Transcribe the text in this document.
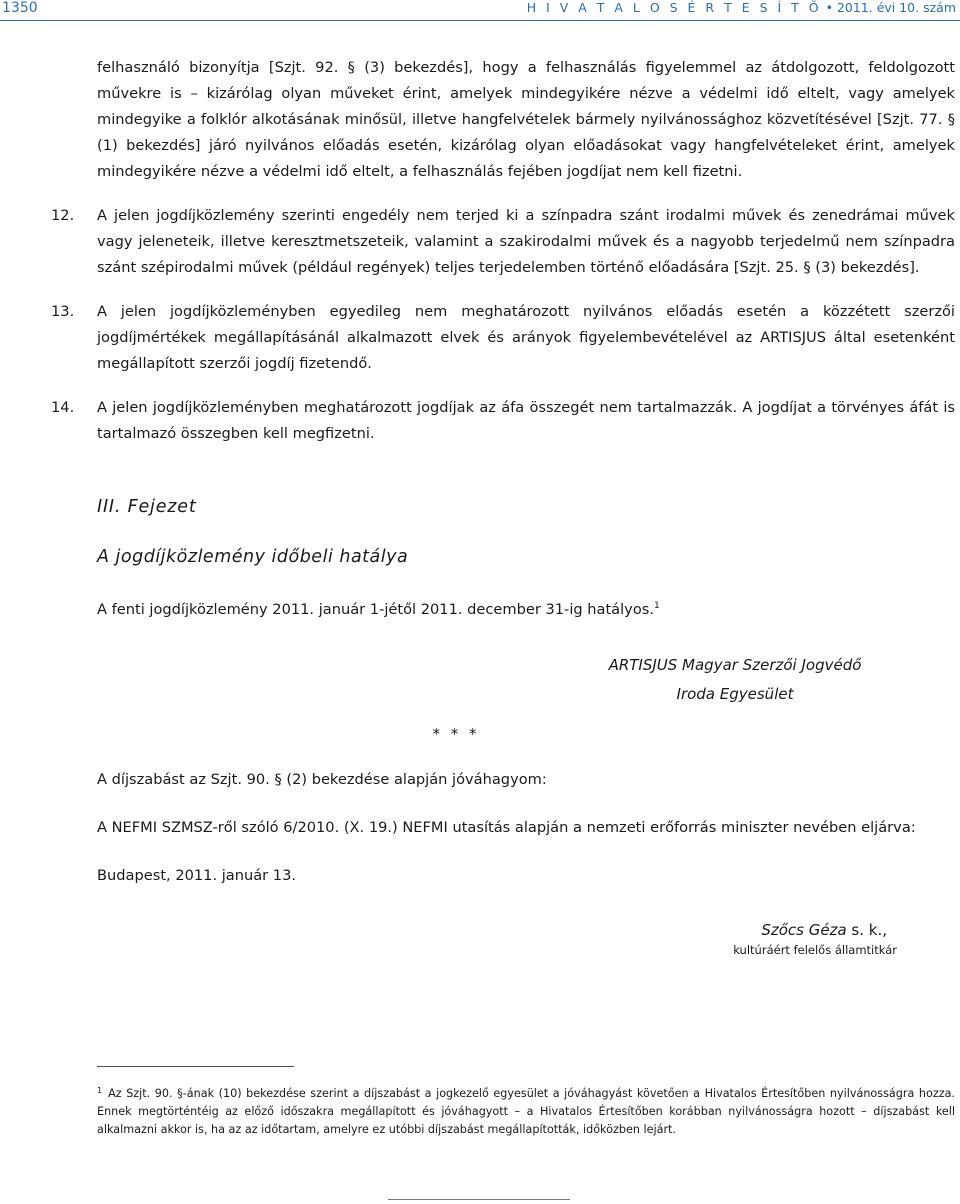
1350	H I V A T A L O S É R T E S Í T Õ • 2011. évi 10. szám

felhasználó bizonyítja [Szjt. 92. § (3) bekezdés], hogy a felhasználás figyelemmel az átdolgozott, feldolgozott művekre is – kizárólag olyan műveket érint, amelyek mindegyikére nézve a védelmi idő eltelt, vagy amelyek mindegyike a folklór alkotásának minősül, illetve hangfelvételek bármely nyilvánossághoz közvetítésével [Szjt. 77. § (1) bekezdés] járó nyilvános előadás esetén, kizárólag olyan előadásokat vagy hangfelvételeket érint, amelyek mindegyikére nézve a védelmi idő eltelt, a felhasználás fejében jogdíjat nem kell fizetni.

12. A jelen jogdíjközlemény szerinti engedély nem terjed ki a színpadra szánt irodalmi művek és zenedrámai művek vagy jeleneteik, illetve keresztmetszeteik, valamint a szakirodalmi művek és a nagyobb terjedelmű nem színpadra szánt szépirodalmi művek (például regények) teljes terjedelemben történő előadására [Szjt. 25. § (3) bekezdés].

13. A jelen jogdíjközleményben egyedileg nem meghatározott nyilvános előadás esetén a közzétett szerzői jogdíjmértékek megállapításánál alkalmazott elvek és arányok figyelembevételével az ARTISJUS által esetenként megállapított szerzői jogdíj fizetendő.

14. A jelen jogdíjközleményben meghatározott jogdíjak az áfa összegét nem tartalmazzák. A jogdíjat a törvényes áfát is tartalmazó összegben kell megfizetni.

III. Fejezet
A jogdíjközlemény időbeli hatálya
A fenti jogdíjközlemény 2011. január 1-jétől 2011. december 31-ig hatályos.$^1$
ARTISJUS Magyar Szerzői Jogvédő
Iroda Egyesület
* * *
A díjszabást az Szjt. 90. § (2) bekezdése alapján jóváhagyom:
A NEFMI SZMSZ-ről szóló 6/2010. (X. 19.) NEFMI utasítás alapján a nemzeti erőforrás miniszter nevében eljárva:
Budapest, 2011. január 13.
Szőcs Géza s. k.,
kultúráért felelős államtitkár
$^1$ Az Szjt. 90. §-ának (10) bekezdése szerint a díjszabást a jogkezelő egyesület a jóváhagyást követően a Hivatalos Értesítőben nyilvánosságra hozza. Ennek megtörténtéig az előző időszakra megállapított és jóváhagyott – a Hivatalos Értesítőben korábban nyilvánosságra hozott – díjszabást kell alkalmazni akkor is, ha az az időtartam, amelyre ez utóbbi díjszabást megállapították, időközben lejárt.
